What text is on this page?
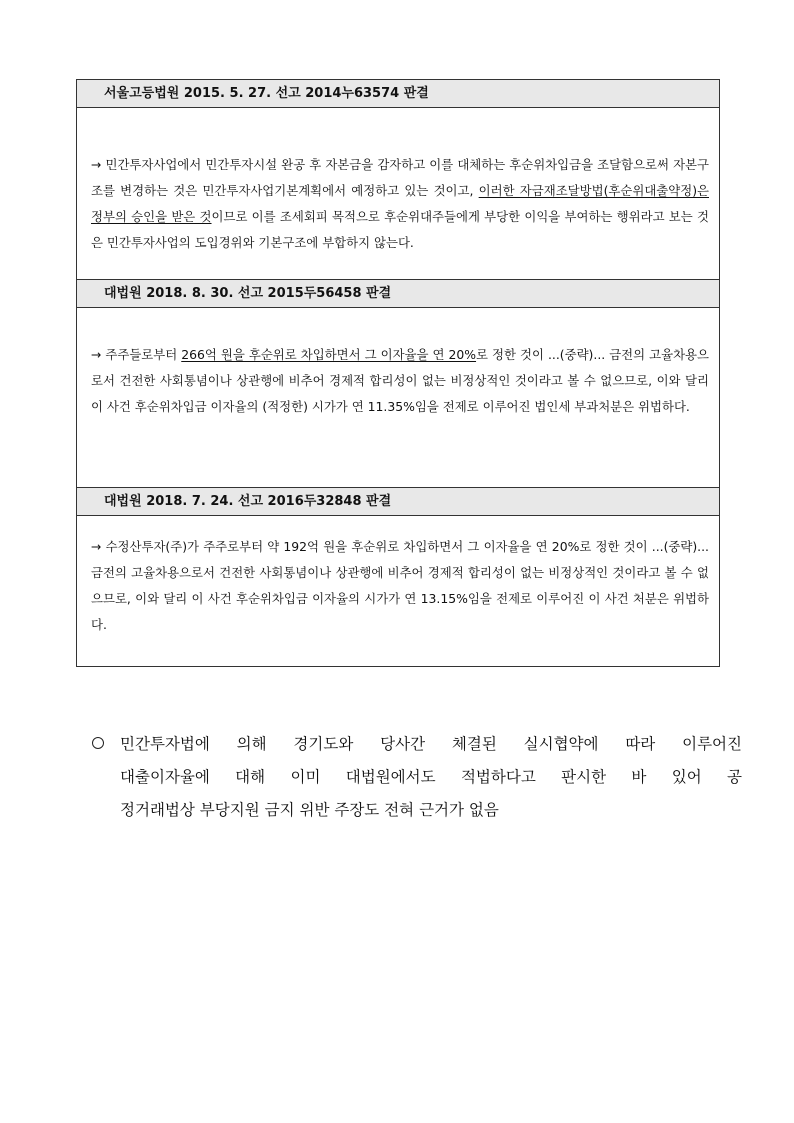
서울고등법원 2015. 5. 27. 선고 2014누63574 판결

→ 민간투자사업에서 민간투자시설 완공 후 자본금을 감자하고 이를 대체하는 후순위차입금을 조달함으로써 자본구조를 변경하는 것은 민간투자사업기본계획에서 예정하고 있는 것이고, 이러한 자금재조달방법(후순위대출약정)은 정부의 승인을 받은 것이므로 이를 조세회피 목적으로 후순위대주들에게 부당한 이익을 부여하는 행위라고 보는 것은 민간투자사업의 도입경위와 기본구조에 부합하지 않는다.

대법원 2018. 8. 30. 선고 2015두56458 판결

→ 주주들로부터 266억 원을 후순위로 차입하면서 그 이자율을 연 20%로 정한 것이 ...(중략)... 금전의 고율차용으로서 건전한 사회통념이나 상관행에 비추어 경제적 합리성이 없는 비정상적인 것이라고 볼 수 없으므로, 이와 달리 이 사건 후순위차입금 이자율의 (적정한) 시가가 연 11.35%임을 전제로 이루어진 법인세 부과처분은 위법하다.

대법원 2018. 7. 24. 선고 2016두32848 판결

→ 수정산투자(주)가 주주로부터 약 192억 원을 후순위로 차입하면서 그 이자율을 연 20%로 정한 것이 ...(중략)... 금전의 고율차용으로서 건전한 사회통념이나 상관행에 비추어 경제적 합리성이 없는 비정상적인 것이라고 볼 수 없으므로, 이와 달리 이 사건 후순위차입금 이자율의 시가가 연 13.15%임을 전제로 이루어진 이 사건 처분은 위법하다.

민간투자법에 의해 경기도와 당사간 체결된 실시협약에 따라 이루어진
대출이자율에 대해 이미 대법원에서도 적법하다고 판시한 바 있어 공
정거래법상 부당지원 금지 위반 주장도 전혀 근거가 없음
